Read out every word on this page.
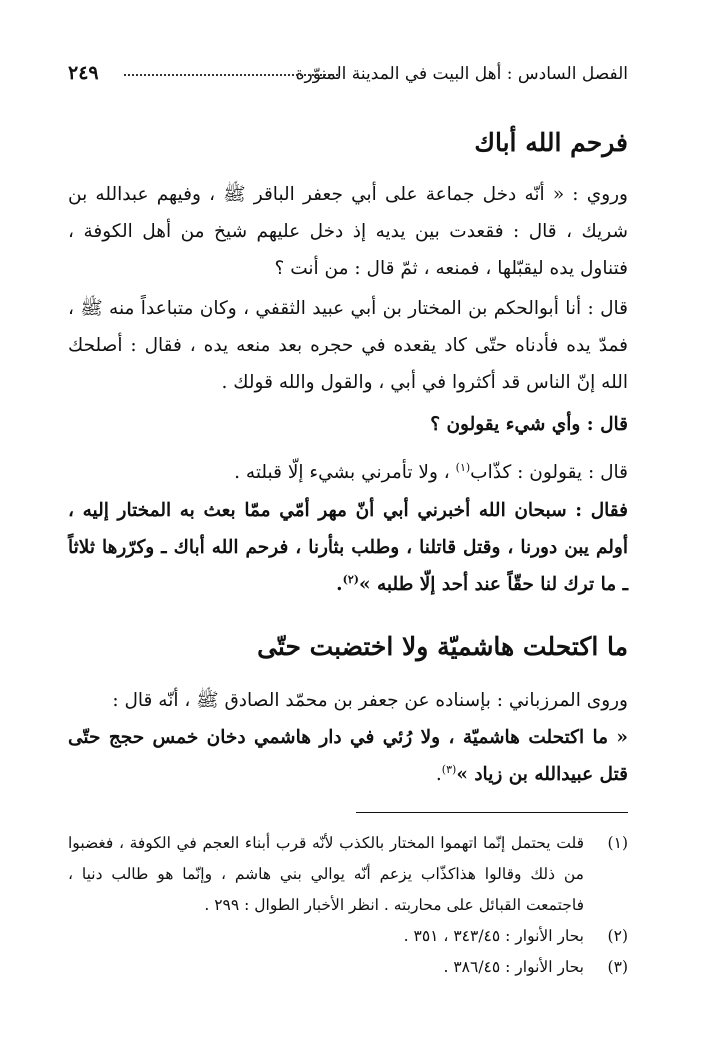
الفصل السادس : أهل البيت في المدينة المنوّرة
٢٤٩
فرحم الله أباك

وروي : « أنّه دخل جماعة على أبي جعفر الباقر ﷺ ، وفيهم عبدالله بن شريك ، قال : فقعدت بين يديه إذ دخل عليهم شيخ من أهل الكوفة ، فتناول يده ليقبّلها ، فمنعه ، ثمّ قال : من أنت ؟

قال : أنا أبوالحكم بن المختار بن أبي عبيد الثقفي ، وكان متباعداً منه ﷺ ، فمدّ يده فأدناه حتّى كاد يقعده في حجره بعد منعه يده ، فقال : أصلحك الله إنّ الناس قد أكثروا في أبي ، والقول والله قولك .

قال : وأي شيء يقولون ؟

قال : يقولون : كذّاب$^{(١)}$ ، ولا تأمرني بشيء إلّا قبلته .

فقال : سبحان الله أخبرني أبي أنّ مهر أمّي ممّا بعث به المختار إليه ، أولم يبن دورنا ، وقتل قاتلنا ، وطلب بثأرنا ، فرحم الله أباك ـ وكرّرها ثلاثاً ـ ما ترك لنا حقّاً عند أحد إلّا طلبه »$^{(٢)}$.

ما اكتحلت هاشميّة ولا اختضبت حتّى

وروى المرزباني : بإسناده عن جعفر بن محمّد الصادق ﷺ ، أنّه قال :
« ما اكتحلت هاشميّة ، ولا رُئي في دار هاشمي دخان خمس حجج حتّى قتل عبيدالله بن زياد »$^{(٣)}$.

(١)
قلت يحتمل إنّما اتهموا المختار بالكذب لأنّه قرب أبناء العجم في الكوفة ، فغضبوا من ذلك وقالوا هذاكذّاب يزعم أنّه يوالي بني هاشم ، وإنّما هو طالب دنيا ، فاجتمعت القبائل على محاربته . انظر الأخبار الطوال : ٢٩٩ .

(٢)
بحار الأنوار : ٣٤٣/٤٥ ، ٣٥١ .

(٣)
بحار الأنوار : ٣٨٦/٤٥ .
